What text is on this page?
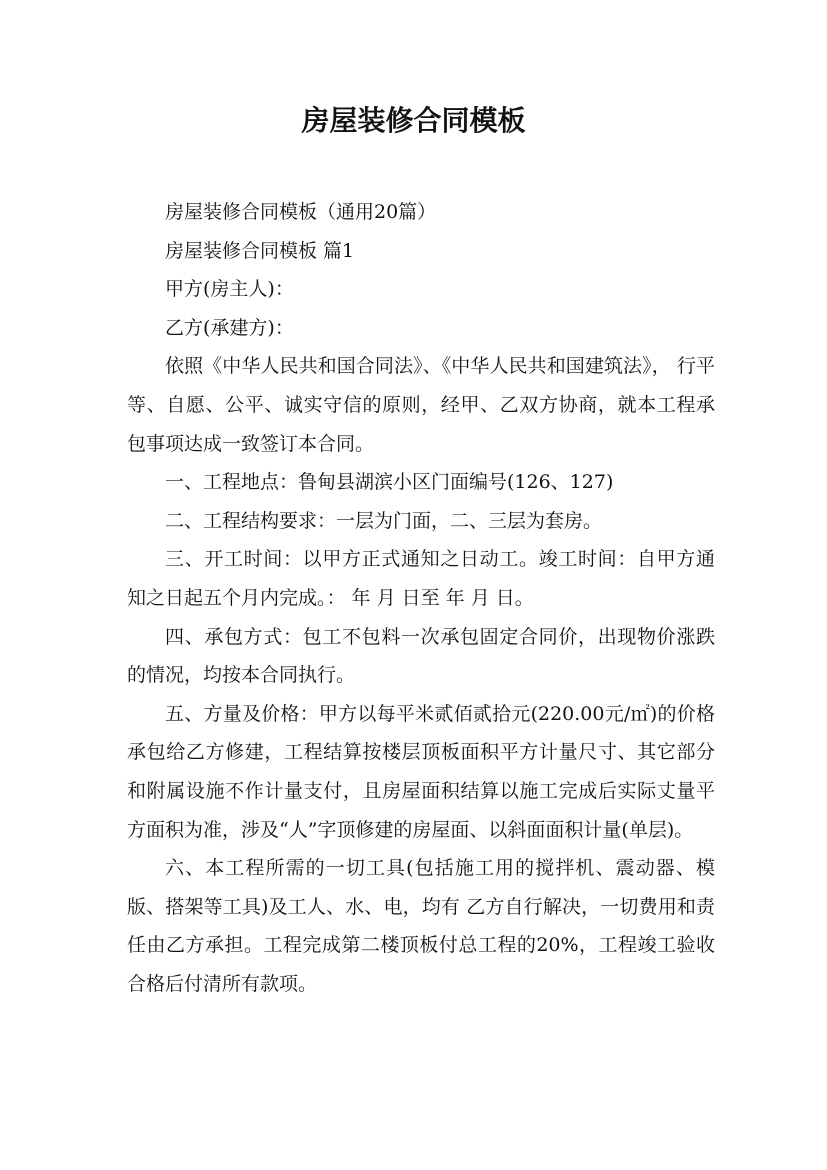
房屋装修合同模板

房屋装修合同模板（通用20篇）

房屋装修合同模板 篇1

甲方(房主人)：

乙方(承建方)：

依照《中华人民共和国合同法》、《中华人民共和国建筑法》， 行平等、自愿、公平、诚实守信的原则，经甲、乙双方协商，就本工程承包事项达成一致签订本合同。

一、工程地点：鲁甸县湖滨小区门面编号(126、127)

二、工程结构要求：一层为门面，二、三层为套房。

三、开工时间：以甲方正式通知之日动工。竣工时间：自甲方通知之日起五个月内完成。： 年 月 日至 年 月 日。

四、承包方式：包工不包料一次承包固定合同价，出现物价涨跌的情况，均按本合同执行。

五、方量及价格：甲方以每平米贰佰贰拾元(220.00元/㎡)的价格承包给乙方修建，工程结算按楼层顶板面积平方计量尺寸、其它部分和附属设施不作计量支付，且房屋面积结算以施工完成后实际丈量平方面积为准，涉及“人”字顶修建的房屋面、以斜面面积计量(单层)。

六、本工程所需的一切工具(包括施工用的搅拌机、震动器、模版、搭架等工具)及工人、水、电，均有 乙方自行解决，一切费用和责任由乙方承担。工程完成第二楼顶板付总工程的20%，工程竣工验收合格后付清所有款项。
